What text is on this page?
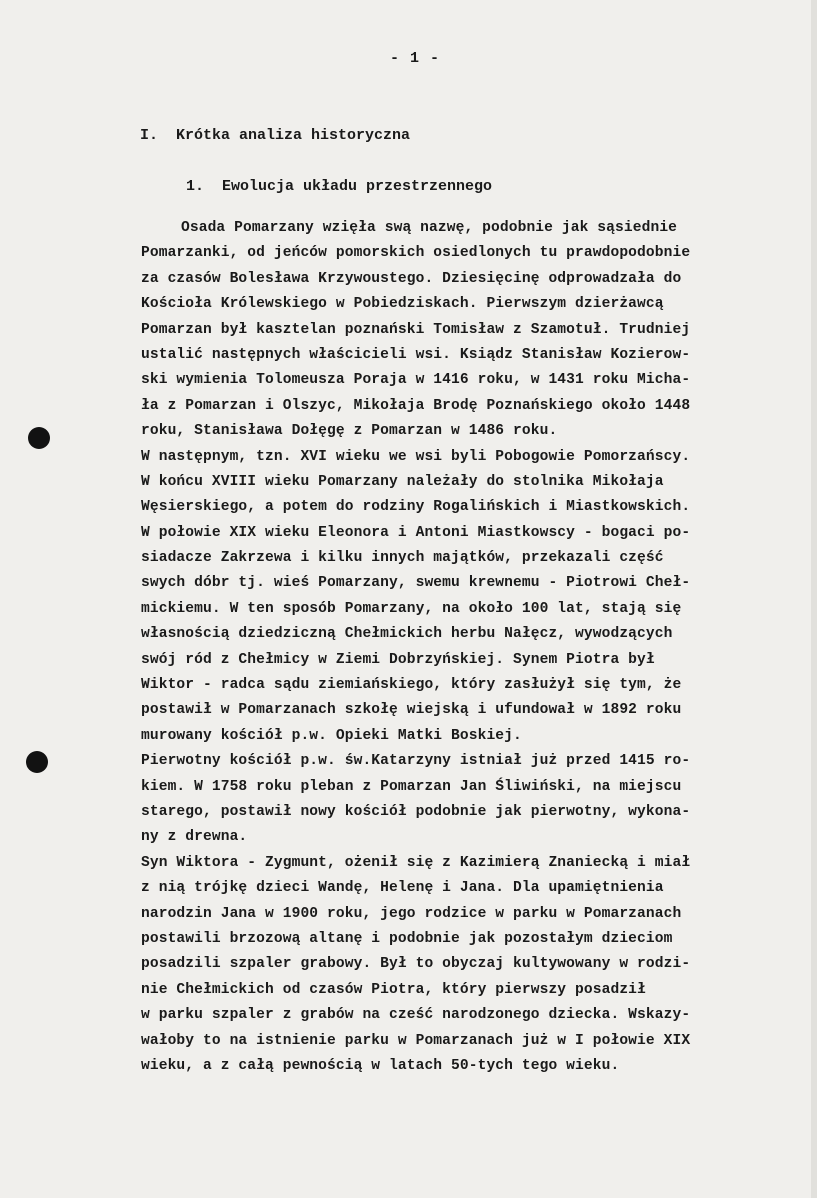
- 1 -
I.  Krótka analiza historyczna
1.  Ewolucja układu przestrzennego
Osada Pomarzany wzięła swą nazwę, podobnie jak sąsiednie
Pomarzanki, od jeńców pomorskich osiedlonych tu prawdopodobnie
za czasów Bolesława Krzywoustego. Dziesięcinę odprowadzała do
Kościoła Królewskiego w Pobiedziskach. Pierwszym dzierżawcą
Pomarzan był kasztelan poznański Tomisław z Szamotuł. Trudniej
ustalić następnych właścicieli wsi. Ksiądz Stanisław Kozierow-
ski wymienia Tolomeusza Poraja w 1416 roku, w 1431 roku Michа-
ła z Pomarzan i Olszyc, Mikołaja Brodę Poznańskiego około 1448
roku, Stanisława Dołęgę z Pomarzan w 1486 roku.
W następnym, tzn. XVI wieku we wsi byli Pobogowie Pomorzańscy.
W końcu XVIII wieku Pomarzany należały do stolnika Mikołaja
Węsierskiego, a potem do rodziny Rogalińskich i Miastkowskich.
W połowie XIX wieku Eleonora i Antoni Miastkowscy - bogaci po-
siadacze Zakrzewa i kilku innych majątków, przekazali część
swych dóbr tj. wieś Pomarzany, swemu krewnemu - Piotrowi Cheł-
mickiemu. W ten sposób Pomarzany, na około 100 lat, stają się
własnością dziedziczną Chełmickich herbu Nałęcz, wywodzących
swój ród z Chełmicy w Ziemi Dobrzyńskiej. Synem Piotra był
Wiktor - radca sądu ziemiańskiego, który zasłużył się tym, że
postawił w Pomarzanach szkołę wiejską i ufundował w 1892 roku
murowany kościół p.w. Opieki Matki Boskiej.
Pierwotny kościół p.w. św.Katarzyny istniał już przed 1415 ro-
kiem. W 1758 roku pleban z Pomarzan Jan Śliwiński, na miejscu
starego, postawił nowy kościół podobnie jak pierwotny, wykona-
ny z drewna.
Syn Wiktora - Zygmunt, ożenił się z Kazimierą Znaniecką i miał
z nią trójkę dzieci Wandę, Helenę i Jana. Dla upamiętnienia
narodzin Jana w 1900 roku, jego rodzice w parku w Pomarzanach
postawili brzozową altanę i podobnie jak pozostałym dzieciom
posadzili szpaler grabowy. Był to obyczaj kultywowany w rodzi-
nie Chełmickich od czasów Piotra, który pierwszy posadził
w parku szpaler z grabów na cześć narodzonego dziecka. Wskazy-
wałoby to na istnienie parku w Pomarzanach już w I połowie XIX
wieku, a z całą pewnością w latach 50-tych tego wieku.
